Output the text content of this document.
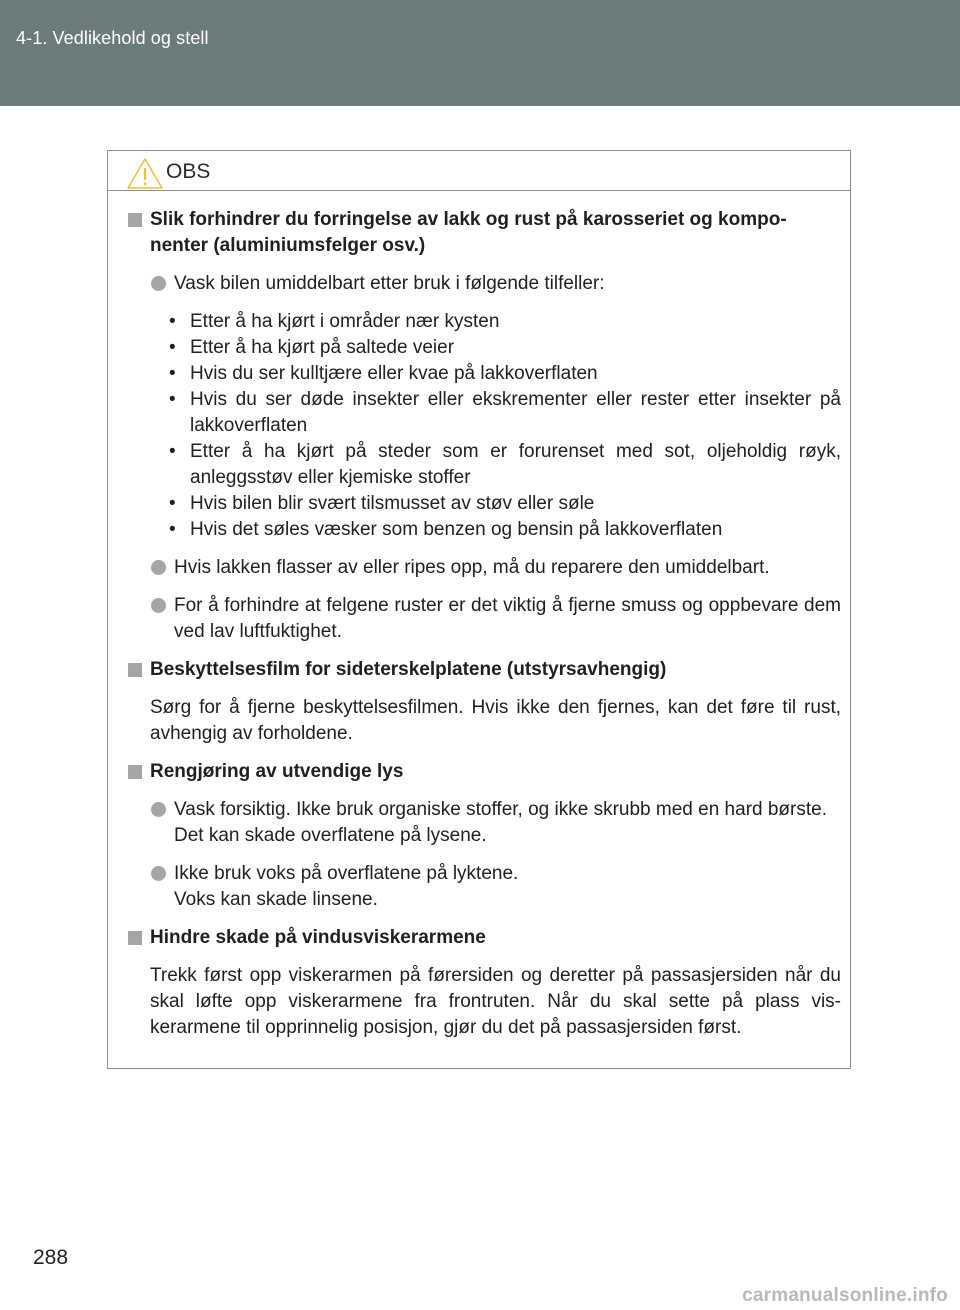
4-1. Vedlikehold og stell
OBS
Slik forhindrer du forringelse av lakk og rust på karosseriet og kompo-nenter (aluminiumsfelger osv.)
Vask bilen umiddelbart etter bruk i følgende tilfeller:
• Etter å ha kjørt i områder nær kysten
• Etter å ha kjørt på saltede veier
• Hvis du ser kulltjære eller kvae på lakkoverflaten
• Hvis du ser døde insekter eller ekskrementer eller rester etter insekter på lakkoverflaten
• Etter å ha kjørt på steder som er forurenset med sot, oljeholdig røyk, anleggsstøv eller kjemiske stoffer
• Hvis bilen blir svært tilsmusset av støv eller søle
• Hvis det søles væsker som benzen og bensin på lakkoverflaten
Hvis lakken flasser av eller ripes opp, må du reparere den umiddelbart.
For å forhindre at felgene ruster er det viktig å fjerne smuss og oppbevare dem ved lav luftfuktighet.
Beskyttelsesfilm for sideterskelplatene (utstyrsavhengig)
Sørg for å fjerne beskyttelsesfilmen. Hvis ikke den fjernes, kan det føre til rust, avhengig av forholdene.
Rengjøring av utvendige lys
Vask forsiktig. Ikke bruk organiske stoffer, og ikke skrubb med en hard børste.
Det kan skade overflatene på lysene.
Ikke bruk voks på overflatene på lyktene.
Voks kan skade linsene.
Hindre skade på vindusviskerarmene
Trekk først opp viskerarmen på førersiden og deretter på passasjersiden når du skal løfte opp viskerarmene fra frontruten. Når du skal sette på plass vis-kerarmene til opprinnelig posisjon, gjør du det på passasjersiden først.
288
carmanualsonline.info
